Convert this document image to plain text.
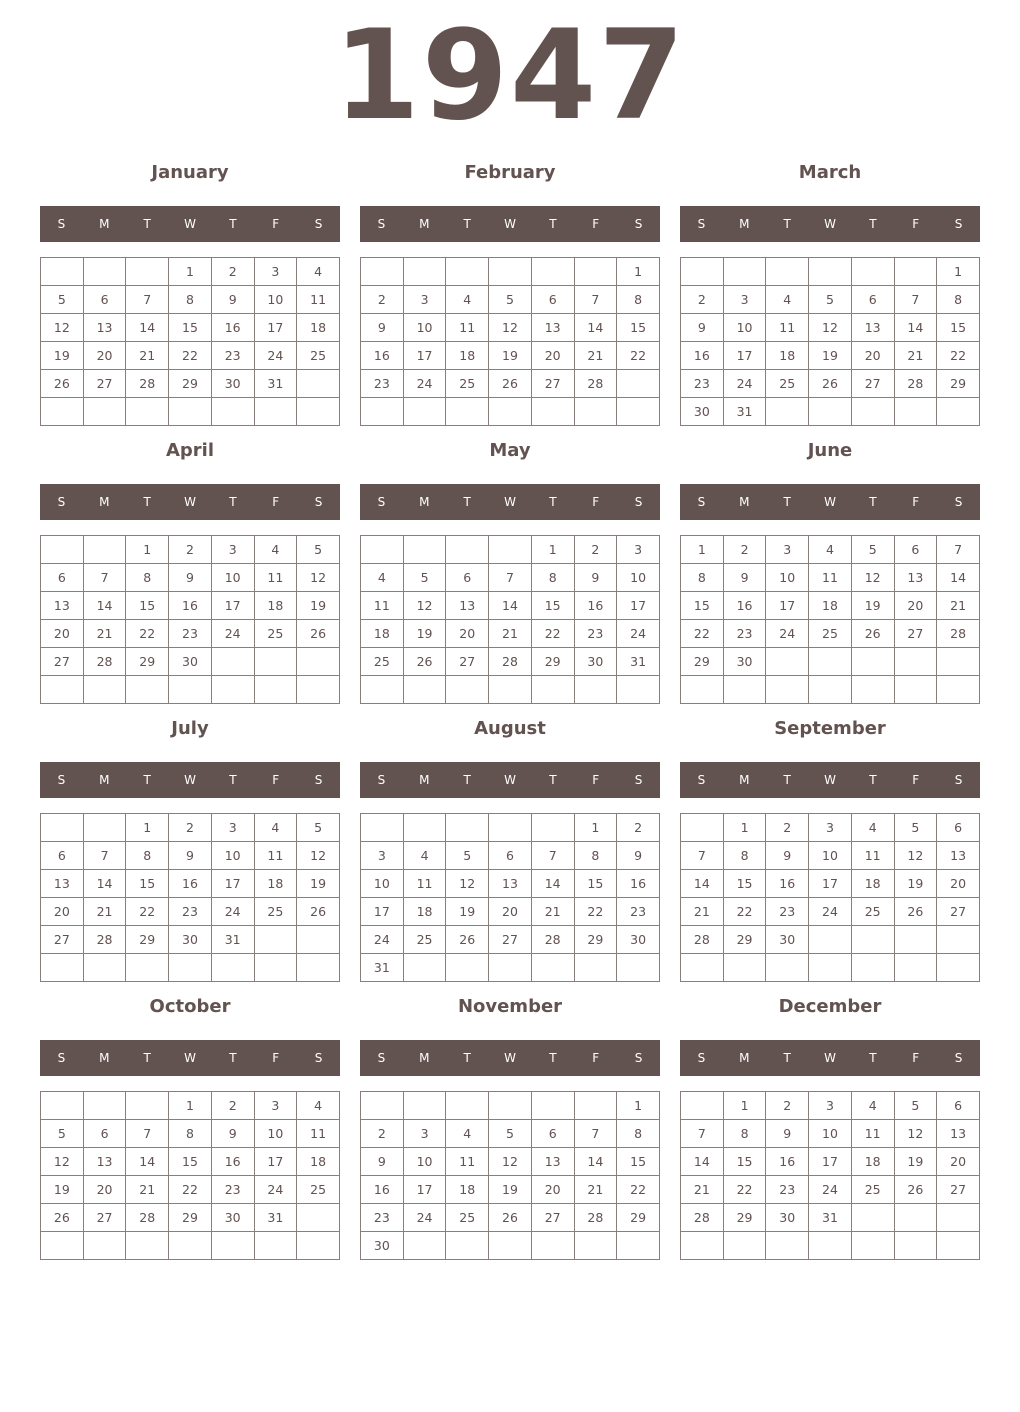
1947
January
S	M	T	W	T	F	S
			1	2	3	4
5	6	7	8	9	10	11
12	13	14	15	16	17	18
19	20	21	22	23	24	25
26	27	28	29	30	31	

February
S	M	T	W	T	F	S
						1
2	3	4	5	6	7	8
9	10	11	12	13	14	15
16	17	18	19	20	21	22
23	24	25	26	27	28	

March
S	M	T	W	T	F	S
						1
2	3	4	5	6	7	8
9	10	11	12	13	14	15
16	17	18	19	20	21	22
23	24	25	26	27	28	29
30	31					
April
S	M	T	W	T	F	S
		1	2	3	4	5
6	7	8	9	10	11	12
13	14	15	16	17	18	19
20	21	22	23	24	25	26
27	28	29	30			

May
S	M	T	W	T	F	S
				1	2	3
4	5	6	7	8	9	10
11	12	13	14	15	16	17
18	19	20	21	22	23	24
25	26	27	28	29	30	31

June
S	M	T	W	T	F	S
1	2	3	4	5	6	7
8	9	10	11	12	13	14
15	16	17	18	19	20	21
22	23	24	25	26	27	28
29	30					

July
S	M	T	W	T	F	S
		1	2	3	4	5
6	7	8	9	10	11	12
13	14	15	16	17	18	19
20	21	22	23	24	25	26
27	28	29	30	31		

August
S	M	T	W	T	F	S
					1	2
3	4	5	6	7	8	9
10	11	12	13	14	15	16
17	18	19	20	21	22	23
24	25	26	27	28	29	30
31						
September
S	M	T	W	T	F	S
	1	2	3	4	5	6
7	8	9	10	11	12	13
14	15	16	17	18	19	20
21	22	23	24	25	26	27
28	29	30				

October
S	M	T	W	T	F	S
			1	2	3	4
5	6	7	8	9	10	11
12	13	14	15	16	17	18
19	20	21	22	23	24	25
26	27	28	29	30	31	

November
S	M	T	W	T	F	S
						1
2	3	4	5	6	7	8
9	10	11	12	13	14	15
16	17	18	19	20	21	22
23	24	25	26	27	28	29
30						
December
S	M	T	W	T	F	S
	1	2	3	4	5	6
7	8	9	10	11	12	13
14	15	16	17	18	19	20
21	22	23	24	25	26	27
28	29	30	31			
